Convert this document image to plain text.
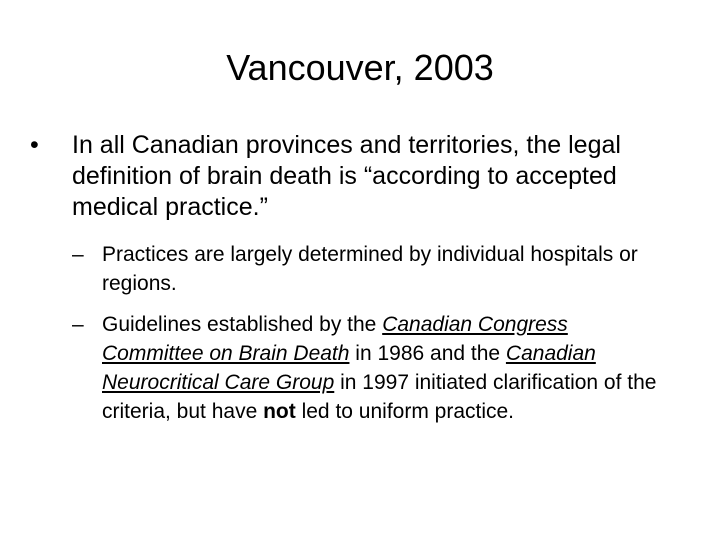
Vancouver, 2003
•	In all Canadian provinces and territories, the legal definition of brain death is “according to accepted medical practice.”
– Practices are largely determined by individual hospitals or regions.
– Guidelines established by the Canadian Congress Committee on Brain Death in 1986 and the Canadian Neurocritical Care Group in 1997 initiated clarification of the criteria, but have not led to uniform practice.
